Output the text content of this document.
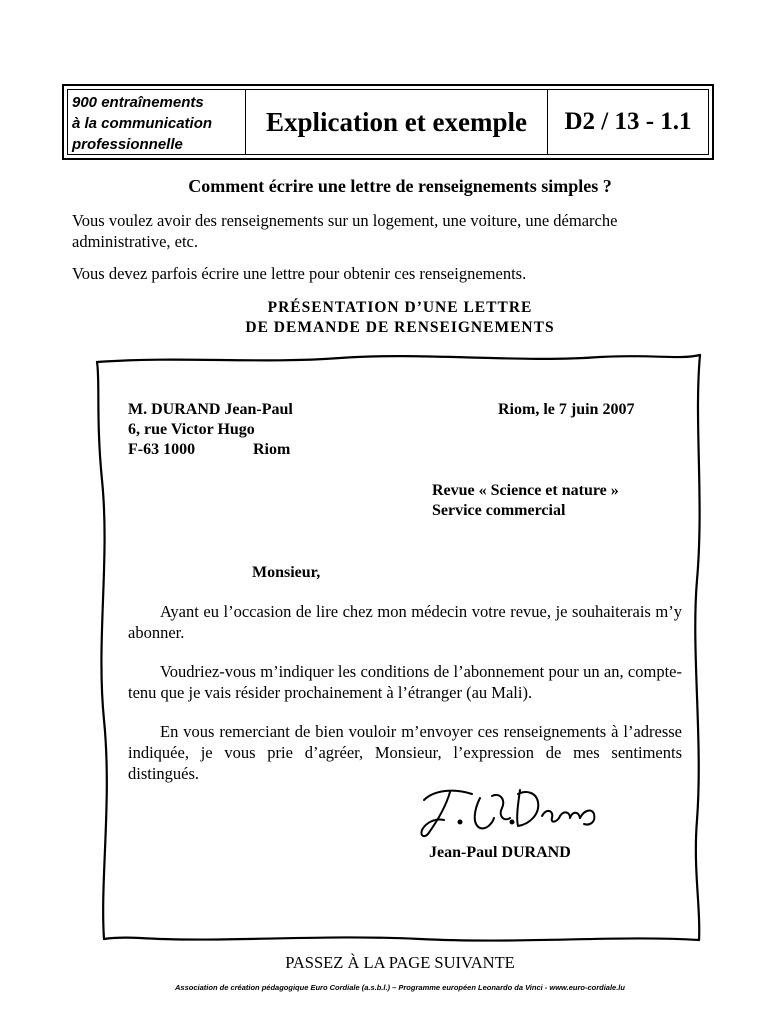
900 entraînements
à la communication
professionnelle
Explication et exemple	D2 / 13 - 1.1
Comment écrire une lettre de renseignements simples ?
Vous voulez avoir des renseignements sur un logement, une voiture, une démarche administrative, etc.
Vous devez parfois écrire une lettre pour obtenir ces renseignements.
PRÉSENTATION D’UNE LETTRE
DE DEMANDE DE RENSEIGNEMENTS
M. DURAND Jean-Paul
6, rue Victor Hugo
F-63 1000	Riom
Riom, le 7 juin 2007
Revue « Science et nature »
Service commercial
Monsieur,
Ayant eu l’occasion de lire chez mon médecin votre revue, je souhaiterais m’y abonner.
Voudriez-vous m’indiquer les conditions de l’abonnement pour un an, compte- tenu que je vais résider prochainement à l’étranger (au Mali).
En vous remerciant de bien vouloir m’envoyer ces renseignements à l’adresse indiquée, je vous prie d’agréer, Monsieur, l’expression de mes sentiments distingués.
Jean-Paul DURAND
PASSEZ À LA PAGE SUIVANTE
Association de création pédagogique Euro Cordiale (a.s.b.l.) – Programme européen Leonardo da Vinci - www.euro-cordiale.lu
